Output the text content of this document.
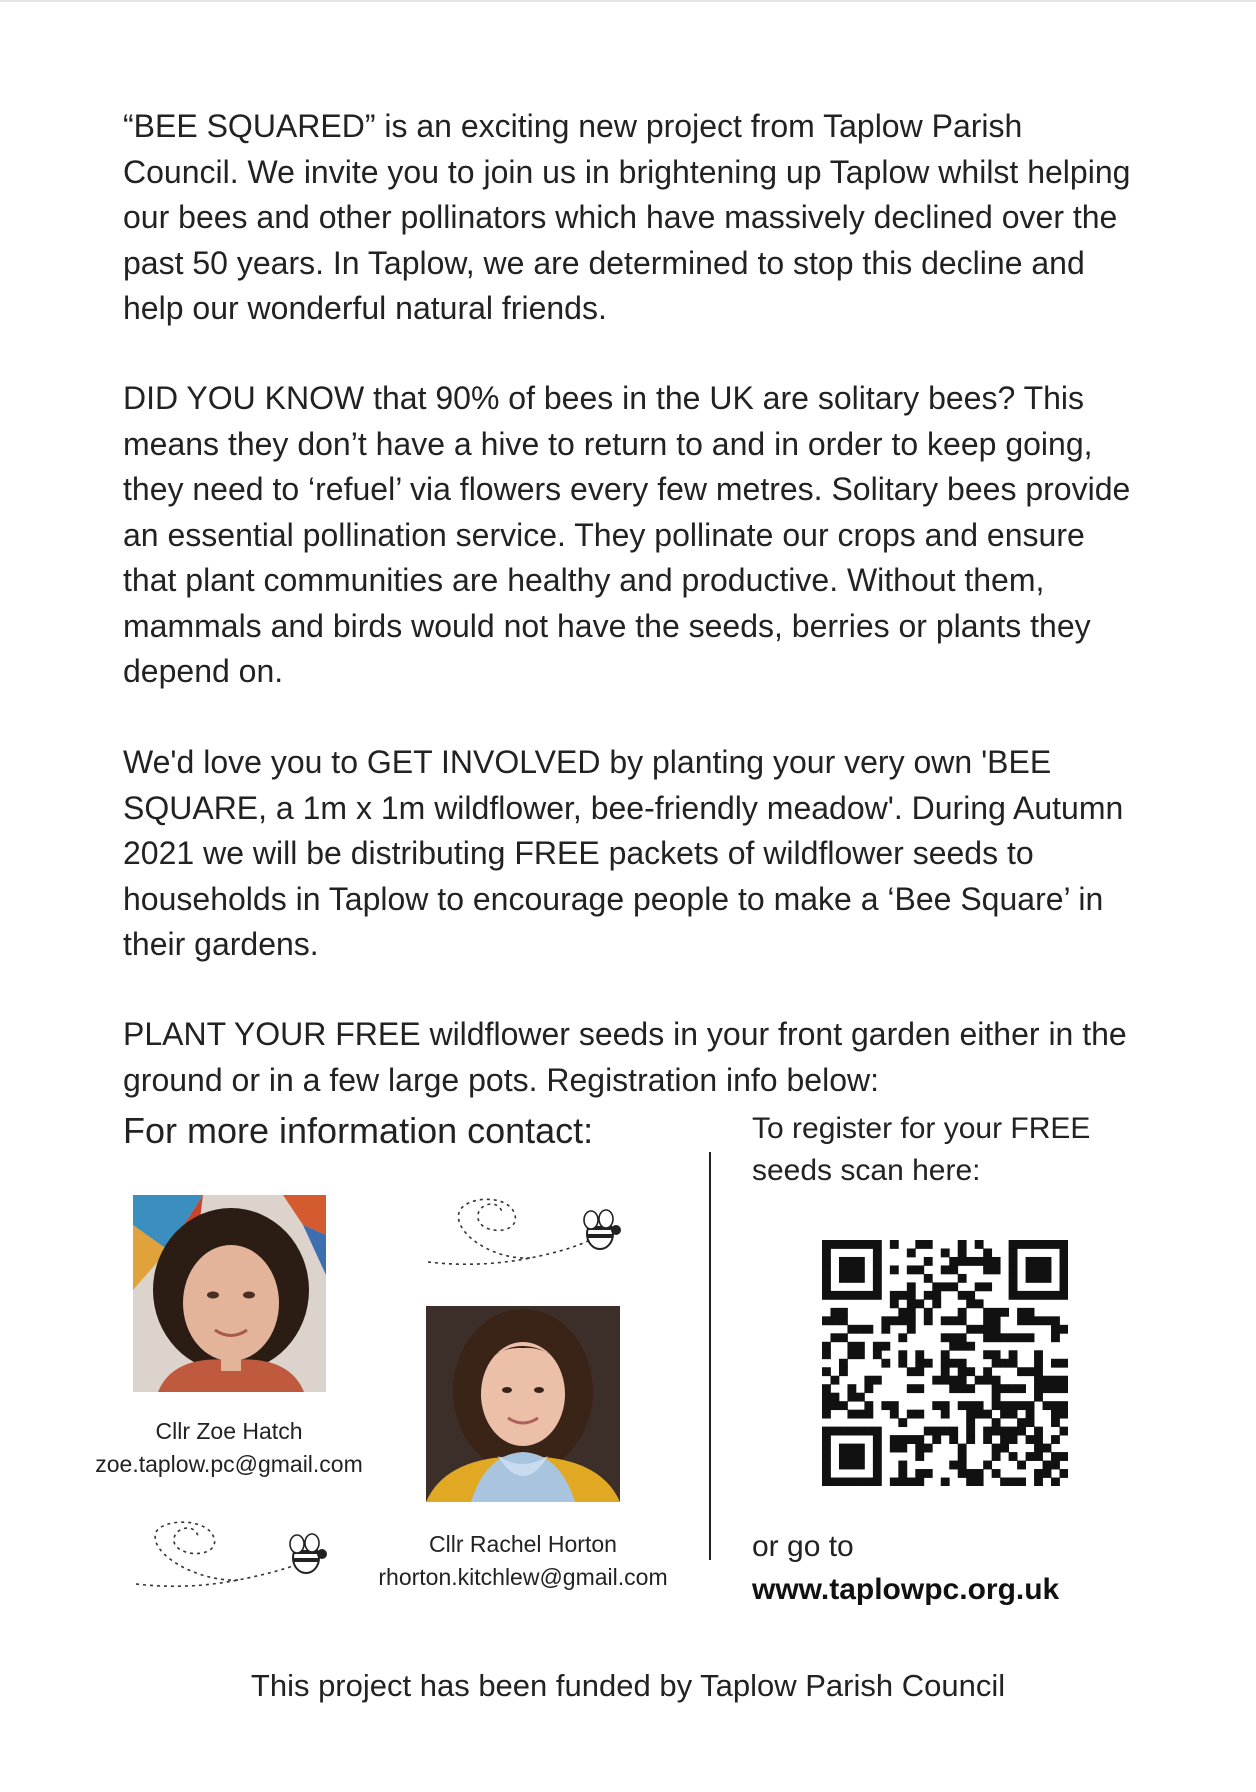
“BEE SQUARED” is an exciting new project from Taplow Parish Council. We invite you to join us in brightening up Taplow whilst helping our bees and other pollinators which have massively declined over the past 50 years. In Taplow, we are determined to stop this decline and help our wonderful natural friends.

DID YOU KNOW that 90% of bees in the UK are solitary bees? This means they don’t have a hive to return to and in order to keep going, they need to ‘refuel’ via flowers every few metres. Solitary bees provide an essential pollination service. They pollinate our crops and ensure that plant communities are healthy and productive. Without them, mammals and birds would not have the seeds, berries or plants they depend on.

We'd love you to GET INVOLVED by planting your very own 'BEE SQUARE, a 1m x 1m wildflower, bee-friendly meadow'. During Autumn 2021 we will be distributing FREE packets of wildflower seeds to households in Taplow to encourage people to make a ‘Bee Square’ in their gardens.

PLANT YOUR FREE wildflower seeds in your front garden either in the ground or in a few large pots. Registration info below:

For more information contact:	To register for your FREE seeds scan here:
Cllr Zoe Hatch
zoe.taplow.pc@gmail.com
Cllr Rachel Horton
rhorton.kitchlew@gmail.com
or go to
www.taplowpc.org.uk
This project has been funded by Taplow Parish Council
